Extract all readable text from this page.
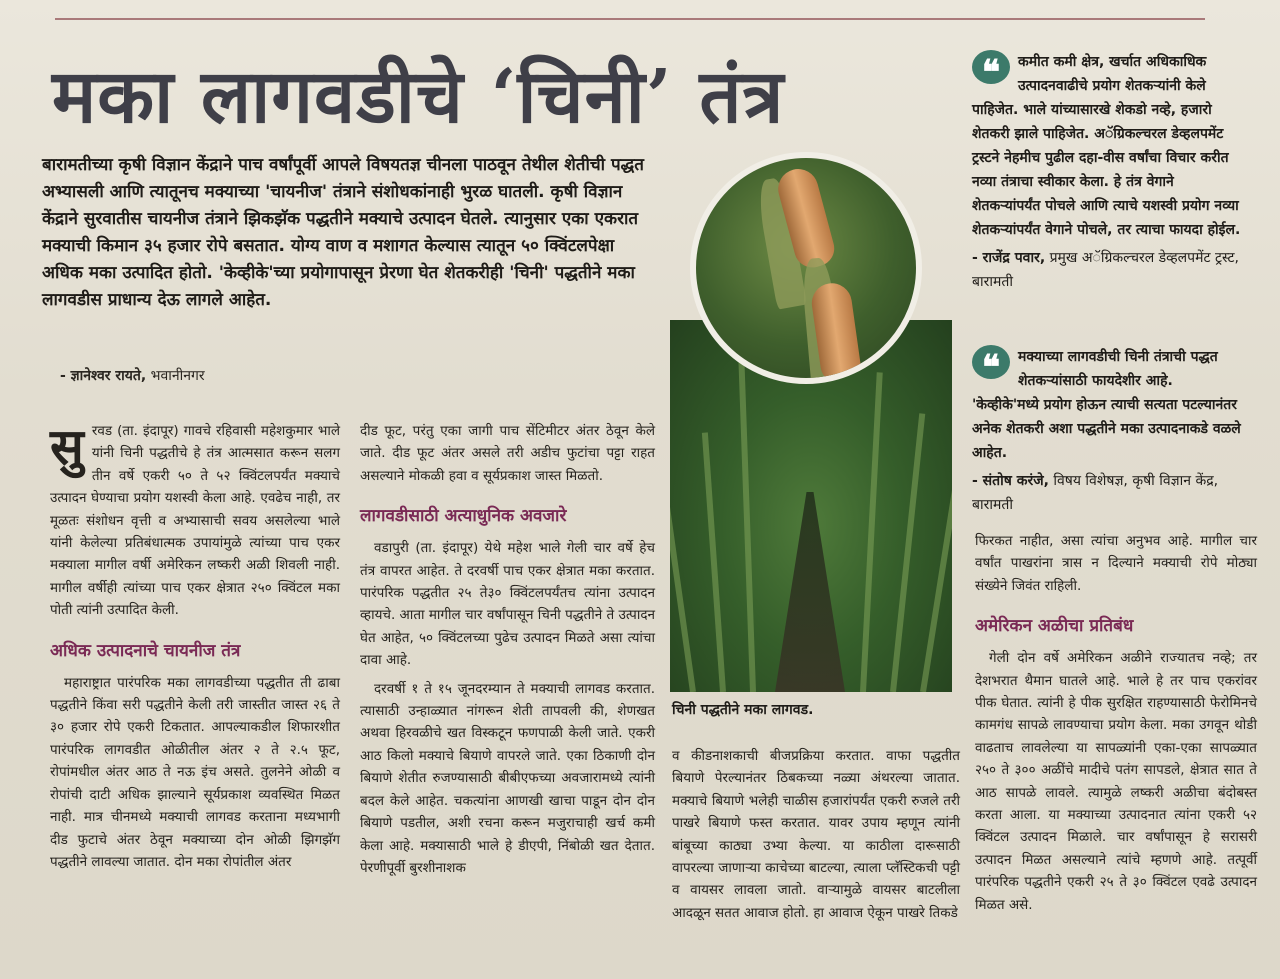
मका लागवडीचे ‘चिनी’ तंत्र
बारामतीच्या कृषी विज्ञान केंद्राने पाच वर्षांपूर्वी आपले विषयतज्ञ चीनला पाठवून तेथील शेतीची पद्धत अभ्यासली आणि त्यातूनच मक्याच्या 'चायनीज' तंत्राने संशोधकांनाही भुरळ घातली. कृषी विज्ञान केंद्राने सुरवातीस चायनीज तंत्राने झिकझॅक पद्धतीने मक्याचे उत्पादन घेतले. त्यानुसार एका एकरात मक्याची किमान ३५ हजार रोपे बसतात. योग्य वाण व मशागत केल्यास त्यातून ५० क्विंटलपेक्षा अधिक मका उत्पादित होतो. 'केव्हीके'च्या प्रयोगापासून प्रेरणा घेत शेतकरीही 'चिनी' पद्धतीने मका लागवडीस प्राधान्य देऊ लागले आहेत.
- ज्ञानेश्वर रायते, भवानीनगर
चिनी पद्धतीने मका लागवड.

सुरवड (ता. इंदापूर) गावचे रहिवासी महेशकुमार भाले यांनी चिनी पद्धतीचे हे तंत्र आत्मसात करून सलग तीन वर्षे एकरी ५० ते ५२ क्विंटलपर्यंत मक्याचे उत्पादन घेण्याचा प्रयोग यशस्वी केला आहे. एवढेच नाही, तर मूळतः संशोधन वृत्ती व अभ्यासाची सवय असलेल्या भाले यांनी केलेल्या प्रतिबंधात्मक उपायांमुळे त्यांच्या पाच एकर मक्याला मागील वर्षी अमेरिकन लष्करी अळी शिवली नाही. मागील वर्षीही त्यांच्या पाच एकर क्षेत्रात २५० क्विंटल मका पोती त्यांनी उत्पादित केली.

अधिक उत्पादनाचे चायनीज तंत्र

महाराष्ट्रात पारंपरिक मका लागवडीच्या पद्धतीत ती ढाबा पद्धतीने किंवा सरी पद्धतीने केली तरी जास्तीत जास्त २६ ते ३० हजार रोपे एकरी टिकतात. आपल्याकडील शिफारशीत पारंपरिक लागवडीत ओळीतील अंतर २ ते २.५ फूट, रोपांमधील अंतर आठ ते नऊ इंच असते. तुलनेने ओळी व रोपांची दाटी अधिक झाल्याने सूर्यप्रकाश व्यवस्थित मिळत नाही. मात्र चीनमध्ये मक्याची लागवड करताना मध्यभागी दीड फुटाचे अंतर ठेवून मक्याच्या दोन ओळी झिगझॅग पद्धतीने लावल्या जातात. दोन मका रोपांतील अंतर

दीड फूट, परंतु एका जागी पाच सेंटिमीटर अंतर ठेवून केले जाते. दीड फूट अंतर असले तरी अडीच फुटांचा पट्टा राहत असल्याने मोकळी हवा व सूर्यप्रकाश जास्त मिळतो.

लागवडीसाठी अत्याधुनिक अवजारे

वडापुरी (ता. इंदापूर) येथे महेश भाले गेली चार वर्षे हेच तंत्र वापरत आहेत. ते दरवर्षी पाच एकर क्षेत्रात मका करतात. पारंपरिक पद्धतीत २५ ते३० क्विंटलपर्यंतच त्यांना उत्पादन व्हायचे. आता मागील चार वर्षांपासून चिनी पद्धतीने ते उत्पादन घेत आहेत, ५० क्विंटलच्या पुढेच उत्पादन मिळते असा त्यांचा दावा आहे.

दरवर्षी १ ते १५ जूनदरम्यान ते मक्याची लागवड करतात. त्यासाठी उन्हाळ्यात नांगरून शेती तापवली की, शेणखत अथवा हिरवळीचे खत विस्कटून फणपाळी केली जाते. एकरी आठ किलो मक्याचे बियाणे वापरले जाते. एका ठिकाणी दोन बियाणे शेतीत रुजण्यासाठी बीबीएफच्या अवजारामध्ये त्यांनी बदल केले आहेत. चकत्यांना आणखी खाचा पाडून दोन दोन बियाणे पडतील, अशी रचना करून मजुराचाही खर्च कमी केला आहे. मक्यासाठी भाले हे डीएपी, निंबोळी खत देतात. पेरणीपूर्वी बुरशीनाशक

व कीडनाशकाची बीजप्रक्रिया करतात. वाफा पद्धतीत बियाणे पेरल्यानंतर ठिबकच्या नळ्या अंथरल्या जातात. मक्याचे बियाणे भलेही चाळीस हजारांपर्यंत एकरी रुजले तरी पाखरे बियाणे फस्त करतात. यावर उपाय म्हणून त्यांनी बांबूच्या काठ्या उभ्या केल्या. या काठीला दारूसाठी वापरल्या जाणाऱ्या काचेच्या बाटल्या, त्याला प्लॅस्टिकची पट्टी व वायसर लावला जातो. वाऱ्यामुळे वायसर बाटलीला आदळून सतत आवाज होतो. हा आवाज ऐकून पाखरे तिकडे

❝	कमीत कमी क्षेत्र, खर्चात अधिकाधिक उत्पादनवाढीचे प्रयोग शेतकऱ्यांनी केले पाहिजेत. भाले यांच्यासारखे शेकडो नव्हे, हजारो शेतकरी झाले पाहिजेत. अॅग्रिकल्चरल डेव्हलपमेंट ट्रस्टने नेहमीच पुढील दहा-वीस वर्षांचा विचार करीत नव्या तंत्राचा स्वीकार केला. हे तंत्र वेगाने शेतकऱ्यांपर्यंत पोचले आणि त्याचे यशस्वी प्रयोग नव्या शेतकऱ्यांपर्यंत वेगाने पोचले, तर त्याचा फायदा होईल.
- राजेंद्र पवार, प्रमुख अॅग्रिकल्चरल डेव्हलपमेंट ट्रस्ट, बारामती
❝	मक्याच्या लागवडीची चिनी तंत्राची पद्धत शेतकऱ्यांसाठी फायदेशीर आहे. 'केव्हीके'मध्ये प्रयोग होऊन त्याची सत्यता पटल्यानंतर अनेक शेतकरी अशा पद्धतीने मका उत्पादनाकडे वळले आहेत.
- संतोष करंजे, विषय विशेषज्ञ, कृषी विज्ञान केंद्र, बारामती

फिरकत नाहीत, असा त्यांचा अनुभव आहे. मागील चार वर्षांत पाखरांना त्रास न दिल्याने मक्याची रोपे मोठ्या संख्येने जिवंत राहिली.

अमेरिकन अळीचा प्रतिबंध

गेली दोन वर्षे अमेरिकन अळीने राज्यातच नव्हे; तर देशभरात थैमान घातले आहे. भाले हे तर पाच एकरांवर पीक घेतात. त्यांनी हे पीक सुरक्षित राहण्यासाठी फेरोमिनचे कामगंध सापळे लावण्याचा प्रयोग केला. मका उगवून थोडी वाढताच लावलेल्या या सापळ्यांनी एका-एका सापळ्यात २५० ते ३०० अळींचे मादीचे पतंग सापडले, क्षेत्रात सात ते आठ सापळे लावले. त्यामुळे लष्करी अळीचा बंदोबस्त करता आला. या मक्याच्या उत्पादनात त्यांना एकरी ५२ क्विंटल उत्पादन मिळाले. चार वर्षांपासून हे सरासरी उत्पादन मिळत असल्याने त्यांचे म्हणणे आहे. तत्पूर्वी पारंपरिक पद्धतीने एकरी २५ ते ३० क्विंटल एवढे उत्पादन मिळत असे.
